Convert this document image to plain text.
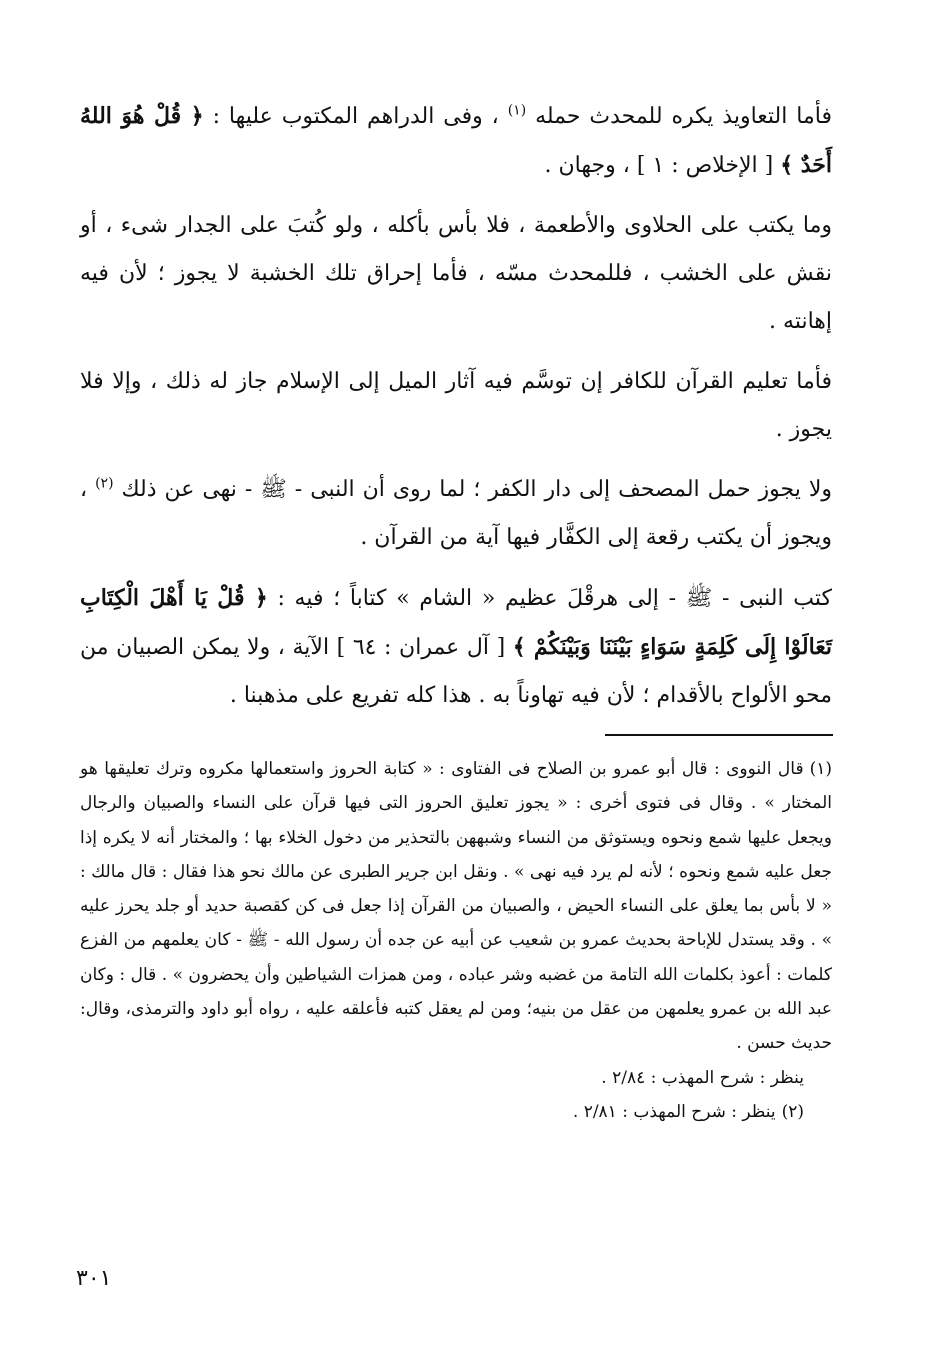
فأما التعاويذ يكره للمحدث حمله $^{(١)}$ ، وفى الدراهم المكتوب عليها : ﴿ قُلْ هُوَ اللهُ أَحَدٌ ﴾ [ الإخلاص : ١ ] ، وجهان .

وما يكتب على الحلاوى والأطعمة ، فلا بأس بأكله ، ولو كُتبَ على الجدار شىء ، أو نقش على الخشب ، فللمحدث مسّه ، فأما إحراق تلك الخشبة لا يجوز ؛ لأن فيه إهانته .

فأما تعليم القرآن للكافر إن توسَّم فيه آثار الميل إلى الإسلام جاز له ذلك ، وإلا فلا يجوز .

ولا يجوز حمل المصحف إلى دار الكفر ؛ لما روى أن النبى - ﷺ - نهى عن ذلك $^{(٢)}$ ، ويجوز أن يكتب رقعة إلى الكفَّار فيها آية من القرآن .

كتب النبى - ﷺ - إلى هرقْلَ عظيم « الشام » كتاباً ؛ فيه : ﴿ قُلْ يَا أَهْلَ الْكِتَابِ تَعَالَوْا إِلَى كَلِمَةٍ سَوَاءٍ بَيْنَنَا وَبَيْنَكُمْ ﴾ [ آل عمران : ٦٤ ] الآية ، ولا يمكن الصبيان من محو الألواح بالأقدام ؛ لأن فيه تهاوناً به . هذا كله تفريع على مذهبنا .

(١)قال النووى : قال أبو عمرو بن الصلاح فى الفتاوى : « كتابة الحروز واستعمالها مكروه وترك تعليقها هو المختار » . وقال فى فتوى أخرى : « يجوز تعليق الحروز التى فيها قرآن على النساء والصبيان والرجال ويجعل عليها شمع ونحوه ويستوثق من النساء وشبههن بالتحذير من دخول الخلاء بها ؛ والمختار أنه لا يكره إذا جعل عليه شمع ونحوه ؛ لأنه لم يرد فيه نهى » . ونقل ابن جرير الطبرى عن مالك نحو هذا فقال : قال مالك : « لا بأس بما يعلق على النساء الحيض ، والصبيان من القرآن إذا جعل فى كن كقصبة حديد أو جلد يحرز عليه » . وقد يستدل للإباحة بحديث عمرو بن شعيب عن أبيه عن جده أن رسول الله - ﷺ - كان يعلمهم من الفزع كلمات : أعوذ بكلمات الله التامة من غضبه وشر عباده ، ومن همزات الشياطين وأن يحضرون » . قال : وكان عبد الله بن عمرو يعلمهن من عقل من بنيه؛ ومن لم يعقل كتبه فأعلقه عليه ، رواه أبو داود والترمذى، وقال: حديث حسن .

ينظر : شرح المهذب : ٢/٨٤ .

(٢)ينظر : شرح المهذب : ٢/٨١ .

٣٠١
